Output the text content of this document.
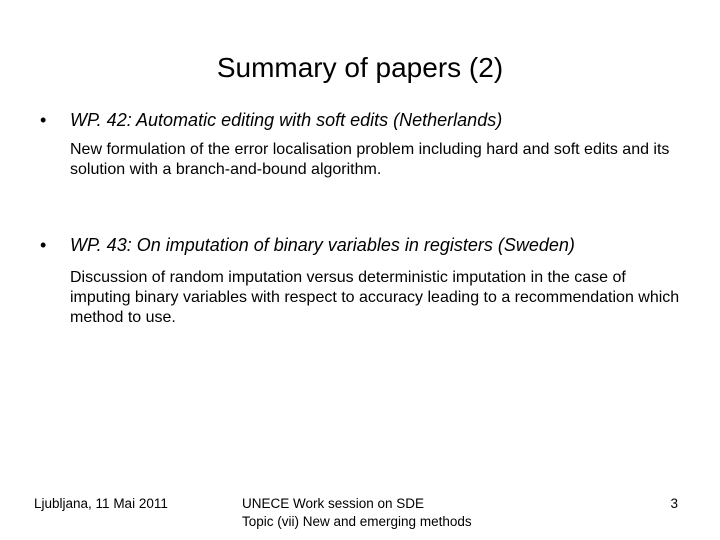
Summary of papers (2)
• WP. 42: Automatic editing with soft edits (Netherlands)
New formulation of the error localisation problem including hard and soft edits and its solution with a branch-and-bound algorithm.
• WP. 43: On imputation of binary variables in registers (Sweden)
Discussion of random imputation versus deterministic imputation in the case of imputing binary variables with respect to accuracy leading to a recommendation which method to use.
Ljubljana, 11 Mai 2011	UNECE Work session on SDE
Topic (vii) New and emerging methods
3
